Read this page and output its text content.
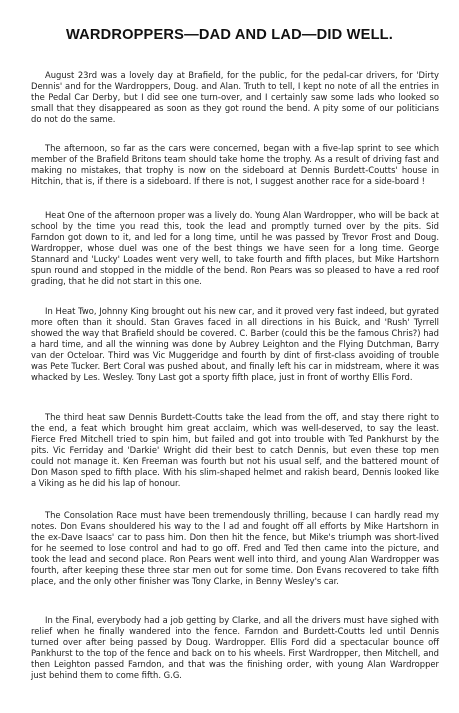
WARDROPPERS—DAD AND LAD—DID WELL.

August 23rd was a lovely day at Brafield, for the public, for the pedal-car drivers, for 'Dirty Dennis' and for the Wardroppers, Doug. and Alan. Truth to tell, I kept no note of all the entries in the Pedal Car Derby, but I did see one turn-over, and I certainly saw some lads who looked so small that they disappeared as soon as they got round the bend. A pity some of our politicians do not do the same.

The afternoon, so far as the cars were concerned, began with a five-lap sprint to see which member of the Brafield Britons team should take home the trophy. As a result of driving fast and making no mistakes, that trophy is now on the sideboard at Dennis Burdett-Coutts' house in Hitchin, that is, if there is a sideboard. If there is not, I suggest another race for a side-board !

Heat One of the afternoon proper was a lively do. Young Alan Wardropper, who will be back at school by the time you read this, took the lead and promptly turned over by the pits. Sid Farndon got down to it, and led for a long time, until he was passed by Trevor Frost and Doug. Wardropper, whose duel was one of the best things we have seen for a long time. George Stannard and 'Lucky' Loades went very well, to take fourth and fifth places, but Mike Hartshorn spun round and stopped in the middle of the bend. Ron Pears was so pleased to have a red roof grading, that he did not start in this one.

In Heat Two, Johnny King brought out his new car, and it proved very fast indeed, but gyrated more often than it should. Stan Graves faced in all directions in his Buick, and 'Rush' Tyrrell showed the way that Brafield should be covered. C. Barber (could this be the famous Chris?) had a hard time, and all the winning was done by Aubrey Leighton and the Flying Dutchman, Barry van der Octeloar. Third was Vic Muggeridge and fourth by dint of first-class avoiding of trouble was Pete Tucker. Bert Coral was pushed about, and finally left his car in midstream, where it was whacked by Les. Wesley. Tony Last got a sporty fifth place, just in front of worthy Ellis Ford.

The third heat saw Dennis Burdett-Coutts take the lead from the off, and stay there right to the end, a feat which brought him great acclaim, which was well-deserved, to say the least. Fierce Fred Mitchell tried to spin him, but failed and got into trouble with Ted Pankhurst by the pits. Vic Ferriday and 'Darkie' Wright did their best to catch Dennis, but even these top men could not manage it. Ken Freeman was fourth but not his usual self, and the battered mount of Don Mason sped to fifth place. With his slim-shaped helmet and rakish beard, Dennis looked like a Viking as he did his lap of honour.

The Consolation Race must have been tremendously thrilling, because I can hardly read my notes. Don Evans shouldered his way to the l ad and fought off all efforts by Mike Hartshorn in the ex-Dave Isaacs' car to pass him. Don then hit the fence, but Mike's triumph was short-lived for he seemed to lose control and had to go off. Fred and Ted then came into the picture, and took the lead and second place. Ron Pears went well into third, and young Alan Wardropper was fourth, after keeping these three star men out for some time. Don Evans recovered to take fifth place, and the only other finisher was Tony Clarke, in Benny Wesley's car.

In the Final, everybody had a job getting by Clarke, and all the drivers must have sighed with relief when he finally wandered into the fence. Farndon and Burdett-Coutts led until Dennis turned over after being passed by Doug. Wardropper. Ellis Ford did a spectacular bounce off Pankhurst to the top of the fence and back on to his wheels. First Wardropper, then Mitchell, and then Leighton passed Farndon, and that was the finishing order, with young Alan Wardropper just behind them to come fifth. G.G.
